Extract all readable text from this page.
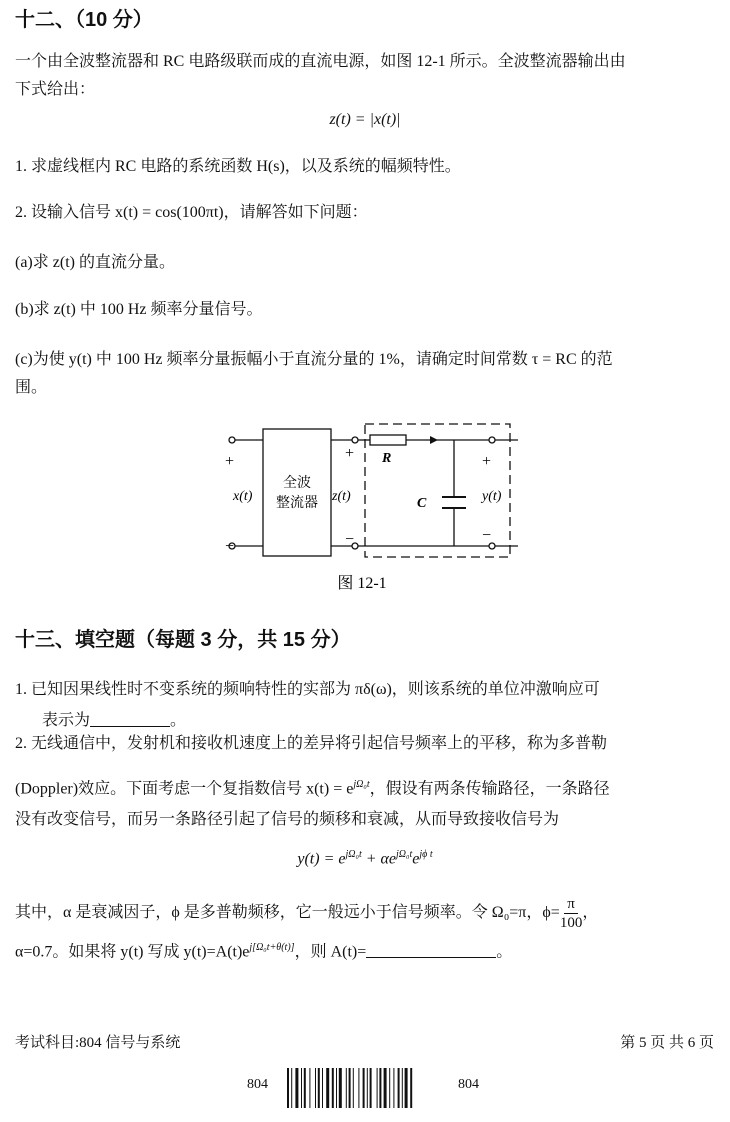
十二、（10 分）
一个由全波整流器和 RC 电路级联而成的直流电源，如图 12-1 所示。全波整流器输出由
下式给出：
z(t) = |x(t)|
1. 求虚线框内 RC 电路的系统函数 H(s)，以及系统的幅频特性。
2. 设输入信号 x(t) = cos(100πt)，请解答如下问题：
(a)求 z(t) 的直流分量。
(b)求 z(t) 中 100 Hz 频率分量信号。
(c)为使 y(t) 中 100 Hz 频率分量振幅小于直流分量的 1%，请确定时间常数 τ = RC 的范
围。
+
−
+
−
+
−
x(t)	z(t)	y(t)
R
C
全波
整流器
图 12-1
十三、填空题（每题 3 分，共 15 分）
1. 已知因果线性时不变系统的频响特性的实部为 πδ(ω)，则该系统的单位冲激响应可
表示为	。
2. 无线通信中，发射机和接收机速度上的差异将引起信号频率上的平移，称为多普勒
(Doppler)效应。下面考虑一个复指数信号 $x(t) = e^{j\Omega_0t}$，假设有两条传输路径，一条路径
没有改变信号，而另一条路径引起了信号的频移和衰减，从而导致接收信号为
$y(t) = e^{j\Omega_0t} + \alpha e^{j\Omega_0t}e^{j\phi t}$
其中，α 是衰减因子，ϕ 是多普勒频移，它一般远小于信号频率。令 Ω₀=π，$\phi= \frac{\pi}{100}$ ，
α=0.7。如果将 y(t) 写成 $y(t)=A(t)e^{j[\Omega_0t+\theta(t)]}$，则 A(t)=	。
考试科目:804 信号与系统	第 5 页 共 6 页
804	804
